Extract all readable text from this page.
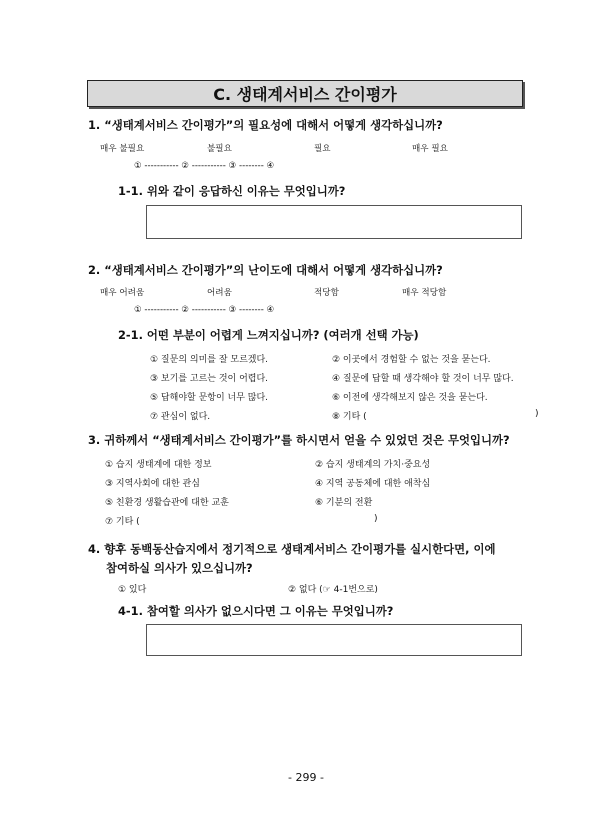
C. 생태계서비스 간이평가
1. “생태계서비스 간이평가”의 필요성에 대해서 어떻게 생각하십니까?
매우 불필요	불필요	필요	매우 필요
① ----------- ② ----------- ③ -------- ④
1-1. 위와 같이 응답하신 이유는 무엇입니까?
2. “생태계서비스 간이평가”의 난이도에 대해서 어떻게 생각하십니까?
매우 어려움	어려움	적당함	매우 적당함
① ----------- ② ----------- ③ -------- ④
2-1. 어떤 부분이 어렵게 느껴지십니까? (여러개 선택 가능)
① 질문의 의미를 잘 모르겠다.	② 이곳에서 경험할 수 없는 것을 묻는다.
③ 보기를 고르는 것이 어렵다.	④ 질문에 답할 때 생각해야 할 것이 너무 많다.
⑤ 답해야할 문항이 너무 많다.	⑥ 이전에 생각해보지 않은 것을 묻는다.
⑦ 관심이 없다.	⑧ 기타 (	)
3. 귀하께서 “생태계서비스 간이평가”를 하시면서 얻을 수 있었던 것은 무엇입니까?
① 습지 생태계에 대한 정보	② 습지 생태계의 가치·중요성
③ 지역사회에 대한 관심	④ 지역 공동체에 대한 애착심
⑤ 친환경 생활습관에 대한 교훈	⑥ 기분의 전환
⑦ 기타 (	)
4. 향후 동백동산습지에서 정기적으로 생태계서비스 간이평가를 실시한다면, 이에
참여하실 의사가 있으십니까?
① 있다	② 없다 (☞ 4-1번으로)
4-1. 참여할 의사가 없으시다면 그 이유는 무엇입니까?
- 299 -
